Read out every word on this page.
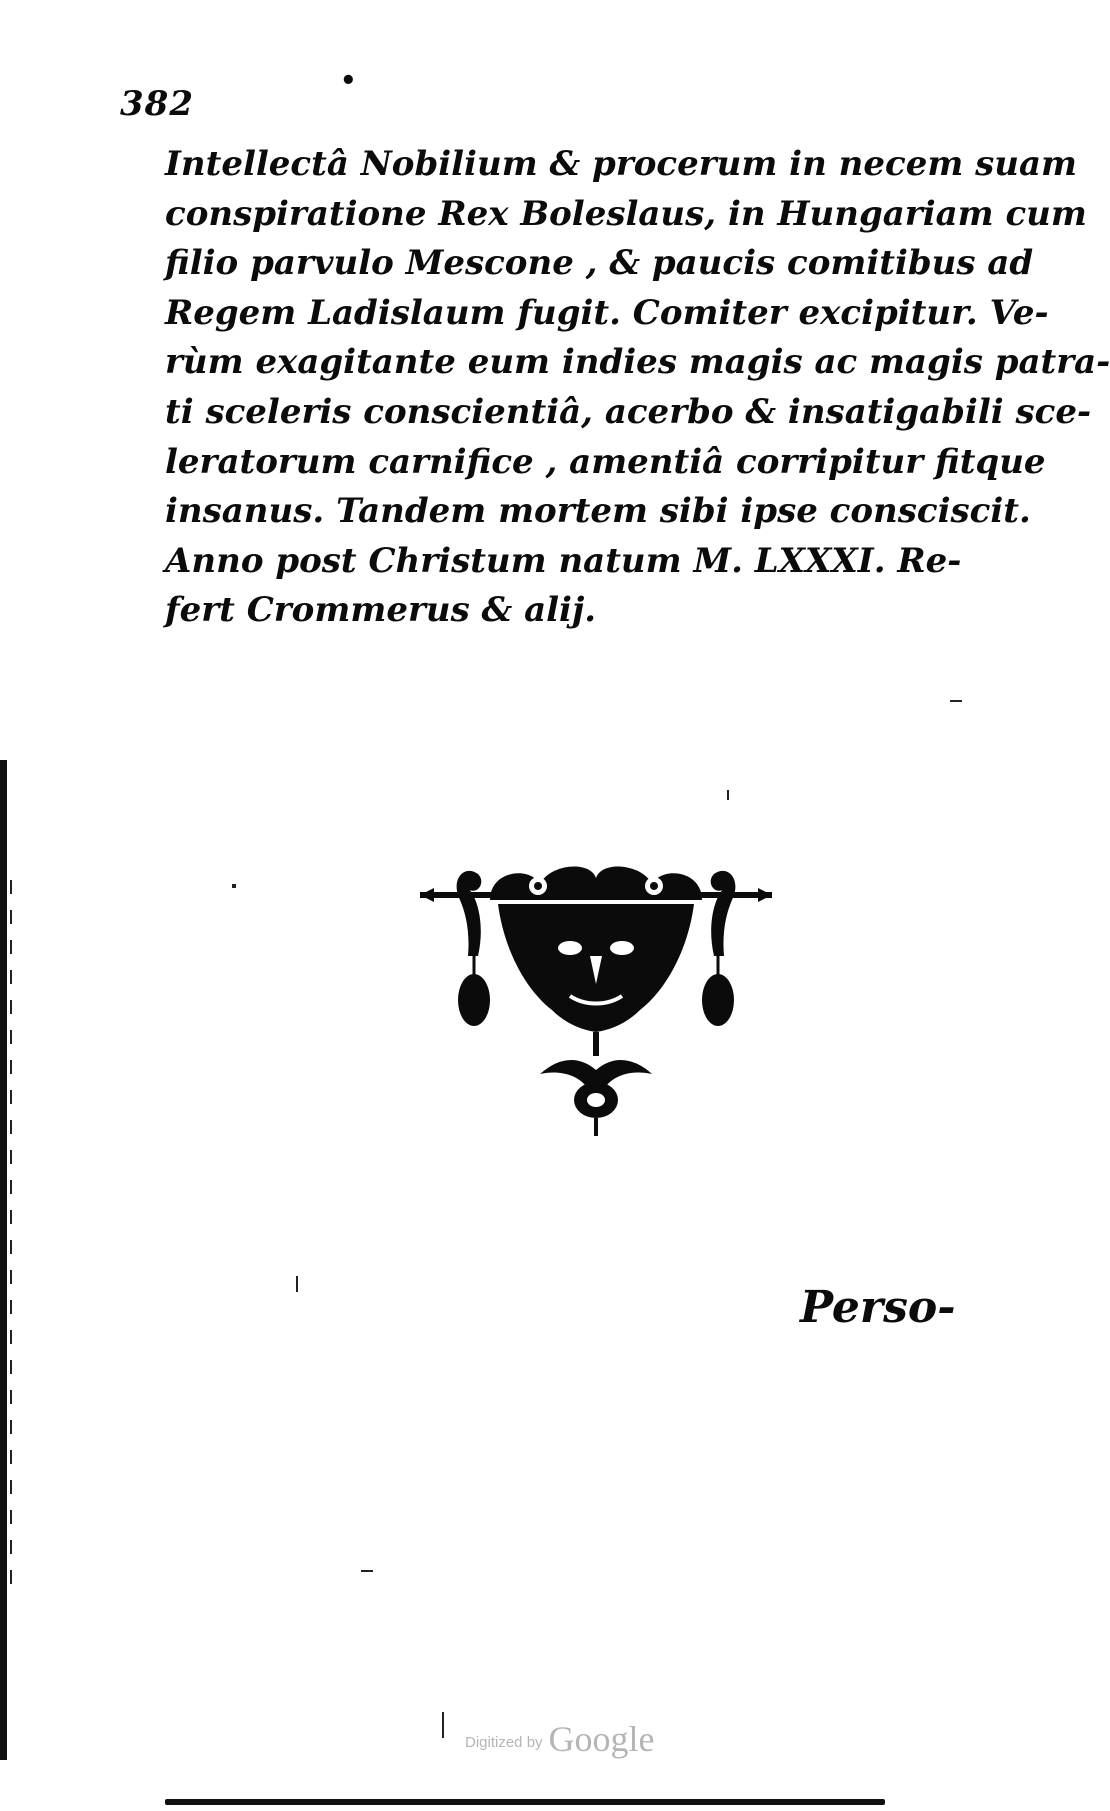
382
•
Intellectâ Nobilium & procerum in necem suam
conspiratione Rex Boleslaus, in Hungariam cum
filio parvulo Mescone , & paucis comitibus ad
Regem Ladislaum fugit. Comiter excipitur. Ve-
rùm exagitante eum indies magis ac magis patra-
ti sceleris conscientiâ, acerbo & insatigabili sce-
leratorum carnifice , amentiâ corripitur fitque
insanus. Tandem mortem sibi ipse consciscit.
Anno post Christum natum M. LXXXI. Re-
fert Crommerus & alij.
Perso-
Digitized by Google
